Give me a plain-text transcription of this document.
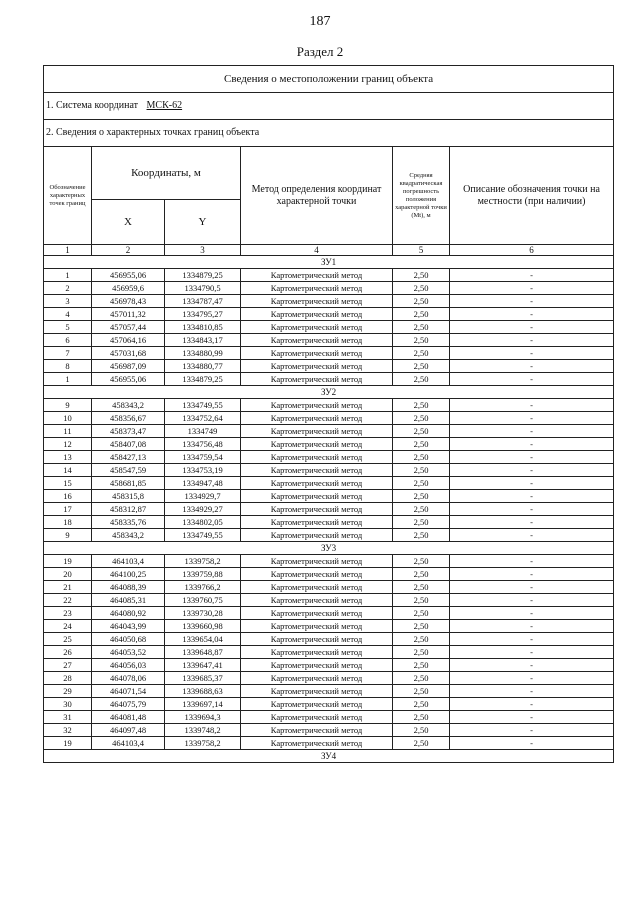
187
Раздел 2
Сведения о местоположении границ объекта					
1. Система координат МСК-62					
2. Сведения о характерных точках границ объекта					
Обозначение характерных точек границ	Координаты, м		Метод определения координат характерной точки	Средняя квадратическая погрешность положения характерной точки (Mt), м	Описание обозначения точки на местности (при наличии)
	X	Y			
1	2	3	4	5	6
ЗУ1					
1	456955,06	1334879,25	Картометрический метод	2,50	-
2	456959,6	1334790,5	Картометрический метод	2,50	-
3	456978,43	1334787,47	Картометрический метод	2,50	-
4	457011,32	1334795,27	Картометрический метод	2,50	-
5	457057,44	1334810,85	Картометрический метод	2,50	-
6	457064,16	1334843,17	Картометрический метод	2,50	-
7	457031,68	1334880,99	Картометрический метод	2,50	-
8	456987,09	1334880,77	Картометрический метод	2,50	-
1	456955,06	1334879,25	Картометрический метод	2,50	-
ЗУ2					
9	458343,2	1334749,55	Картометрический метод	2,50	-
10	458356,67	1334752,64	Картометрический метод	2,50	-
11	458373,47	1334749	Картометрический метод	2,50	-
12	458407,08	1334756,48	Картометрический метод	2,50	-
13	458427,13	1334759,54	Картометрический метод	2,50	-
14	458547,59	1334753,19	Картометрический метод	2,50	-
15	458681,85	1334947,48	Картометрический метод	2,50	-
16	458315,8	1334929,7	Картометрический метод	2,50	-
17	458312,87	1334929,27	Картометрический метод	2,50	-
18	458335,76	1334802,05	Картометрический метод	2,50	-
9	458343,2	1334749,55	Картометрический метод	2,50	-
ЗУ3					
19	464103,4	1339758,2	Картометрический метод	2,50	-
20	464100,25	1339759,88	Картометрический метод	2,50	-
21	464088,39	1339766,2	Картометрический метод	2,50	-
22	464085,31	1339760,75	Картометрический метод	2,50	-
23	464080,92	1339730,28	Картометрический метод	2,50	-
24	464043,99	1339660,98	Картометрический метод	2,50	-
25	464050,68	1339654,04	Картометрический метод	2,50	-
26	464053,52	1339648,87	Картометрический метод	2,50	-
27	464056,03	1339647,41	Картометрический метод	2,50	-
28	464078,06	1339685,37	Картометрический метод	2,50	-
29	464071,54	1339688,63	Картометрический метод	2,50	-
30	464075,79	1339697,14	Картометрический метод	2,50	-
31	464081,48	1339694,3	Картометрический метод	2,50	-
32	464097,48	1339748,2	Картометрический метод	2,50	-
19	464103,4	1339758,2	Картометрический метод	2,50	-
ЗУ4					
